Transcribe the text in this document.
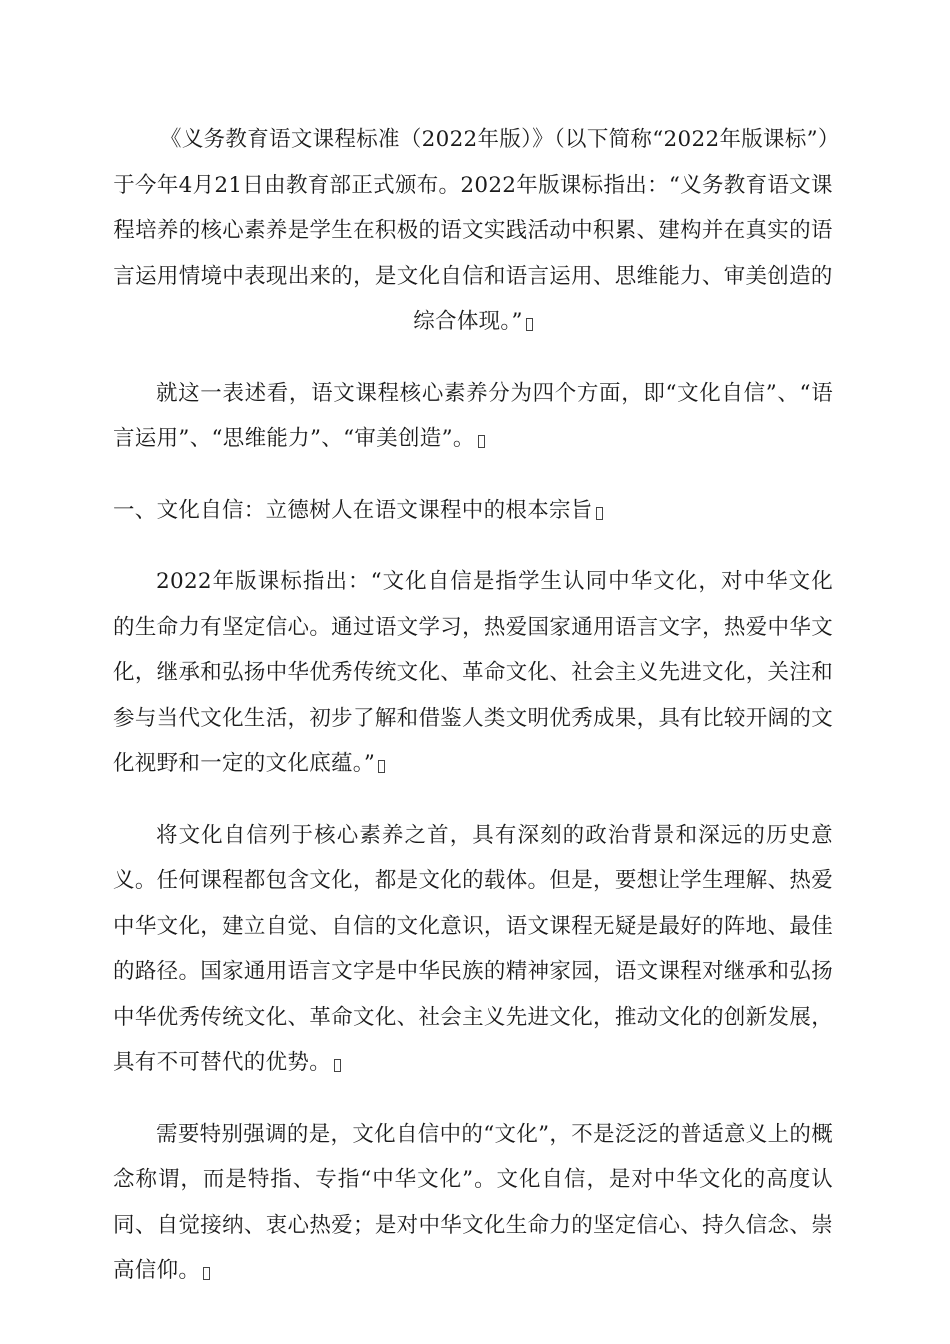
《义务教育语文课程标准（2022年版）》（以下简称“2022年版课标”）于今年4月21日由教育部正式颁布。2022年版课标指出：“义务教育语文课程培养的核心素养是学生在积极的语文实践活动中积累、建构并在真实的语言运用情境中表现出来的，是文化自信和语言运用、思维能力、审美创造的综合体现。”

就这一表述看，语文课程核心素养分为四个方面，即“文化自信”、“语言运用”、“思维能力”、“审美创造”。

一、文化自信：立德树人在语文课程中的根本宗旨

2022年版课标指出：“文化自信是指学生认同中华文化，对中华文化的生命力有坚定信心。通过语文学习，热爱国家通用语言文字，热爱中华文化，继承和弘扬中华优秀传统文化、革命文化、社会主义先进文化，关注和参与当代文化生活，初步了解和借鉴人类文明优秀成果，具有比较开阔的文化视野和一定的文化底蕴。”

将文化自信列于核心素养之首，具有深刻的政治背景和深远的历史意义。任何课程都包含文化，都是文化的载体。但是，要想让学生理解、热爱中华文化，建立自觉、自信的文化意识，语文课程无疑是最好的阵地、最佳的路径。国家通用语言文字是中华民族的精神家园，语文课程对继承和弘扬中华优秀传统文化、革命文化、社会主义先进文化，推动文化的创新发展，具有不可替代的优势。

需要特别强调的是，文化自信中的“文化”，不是泛泛的普适意义上的概念称谓，而是特指、专指“中华文化”。文化自信，是对中华文化的高度认同、自觉接纳、衷心热爱；是对中华文化生命力的坚定信心、持久信念、崇高信仰。
